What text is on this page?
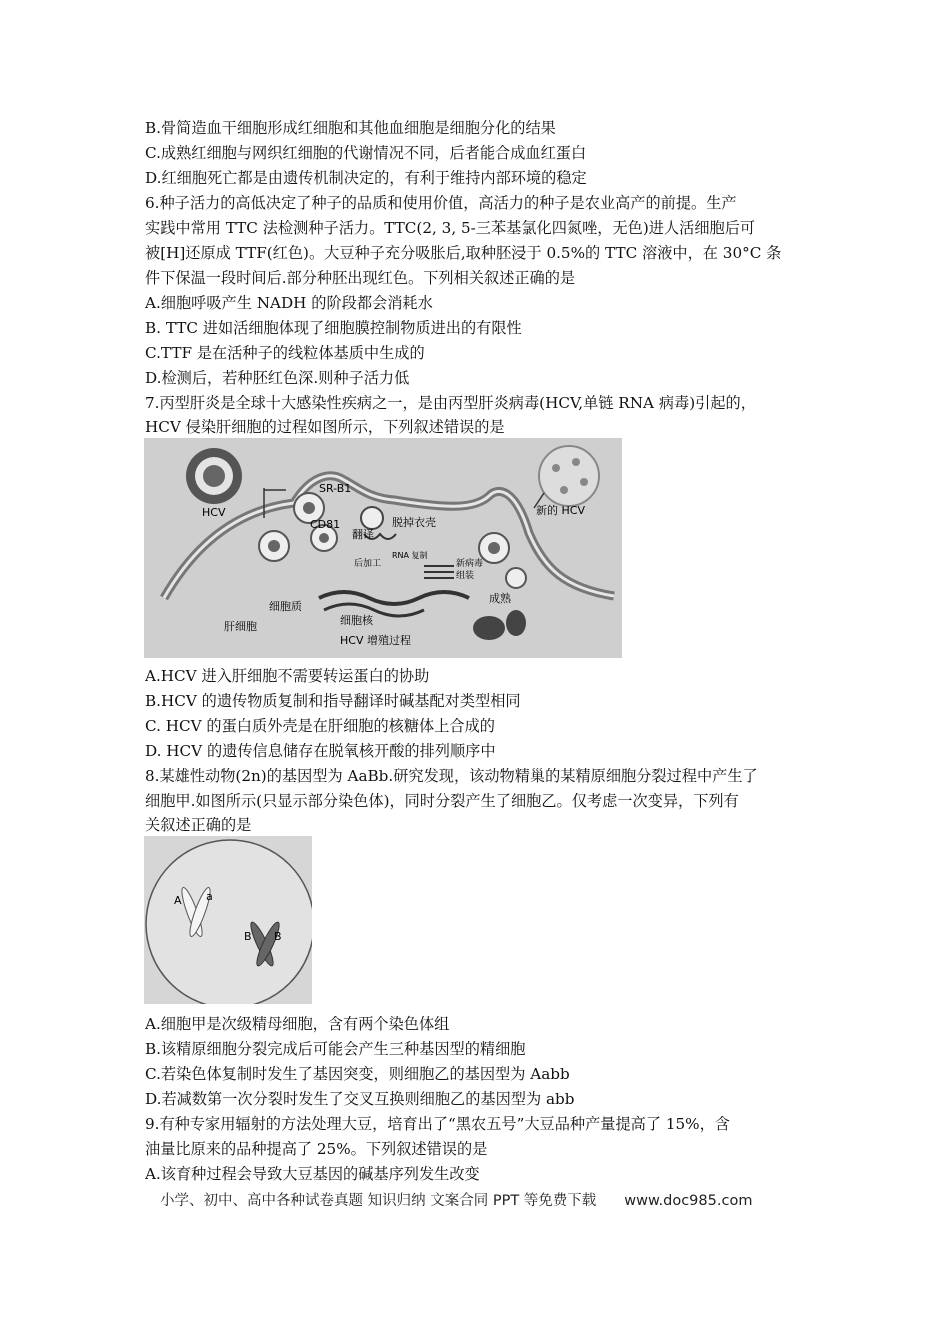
B.骨简造血干细胞形成红细胞和其他血细胞是细胞分化的结果
C.成熟红细胞与网织红细胞的代谢情况不同，后者能合成血红蛋白
D.红细胞死亡都是由遗传机制决定的，有利于维持内部环境的稳定
6.种子活力的高低决定了种子的品质和使用价值，高活力的种子是农业高产的前提。生产
实践中常用 TTC 法检测种子活力。TTC(2, 3, 5-三苯基氯化四氮唑，无色)进人活细胞后可
被[H]还原成 TTF(红色)。大豆种子充分吸胀后,取种胚浸于 0.5%的 TTC 溶液中，在 30°C 条
件下保温一段时间后.部分种胚出现红色。下列相关叙述正确的是
A.细胞呼吸产生 NADH 的阶段都会消耗水
B. TTC 进如活细胞体现了细胞膜控制物质进出的有限性
C.TTF 是在活种子的线粒体基质中生成的
D.检测后，若种胚红色深.则种子活力低
7.丙型肝炎是全球十大感染性疾病之一，是由丙型肝炎病毒(HCV,单链 RNA 病毒)引起的，
HCV 侵染肝细胞的过程如图所示，下列叙述错误的是
HCV
SR-B1
CD81	脱掉衣壳
翻译
RNA 复制
后加工	新病毒
组装
新的 HCV
成熟
细胞质
细胞核
肝细胞
HCV 增殖过程
A.HCV 进入肝细胞不需要转运蛋白的协助
B.HCV 的遗传物质复制和指导翻译时碱基配对类型相同
C. HCV 的蛋白质外壳是在肝细胞的核糖体上合成的
D. HCV 的遗传信息储存在脱氧核开酸的排列顺序中
8.某雄性动物(2n)的基因型为 AaBb.研究发现，该动物精巢的某精原细胞分裂过程中产生了
细胞甲.如图所示(只显示部分染色体)，同时分裂产生了细胞乙。仅考虑一次变异，下列有
关叙述正确的是
A a
B B
A.细胞甲是次级精母细胞，含有两个染色体组
B.该精原细胞分裂完成后可能会产生三种基因型的精细胞
C.若染色体复制时发生了基因突变，则细胞乙的基因型为 Aabb
D.若减数第一次分裂时发生了交叉互换则细胞乙的基因型为 abb
9.有种专家用辐射的方法处理大豆，培育出了“黑农五号”大豆品种产量提高了 15%，含
油量比原来的品种提高了 25%。下列叙述错误的是
A.该育种过程会导致大豆基因的碱基序列发生改变
小学、初中、高中各种试卷真题 知识归纳 文案合同 PPT 等免费下载 www.doc985.com
